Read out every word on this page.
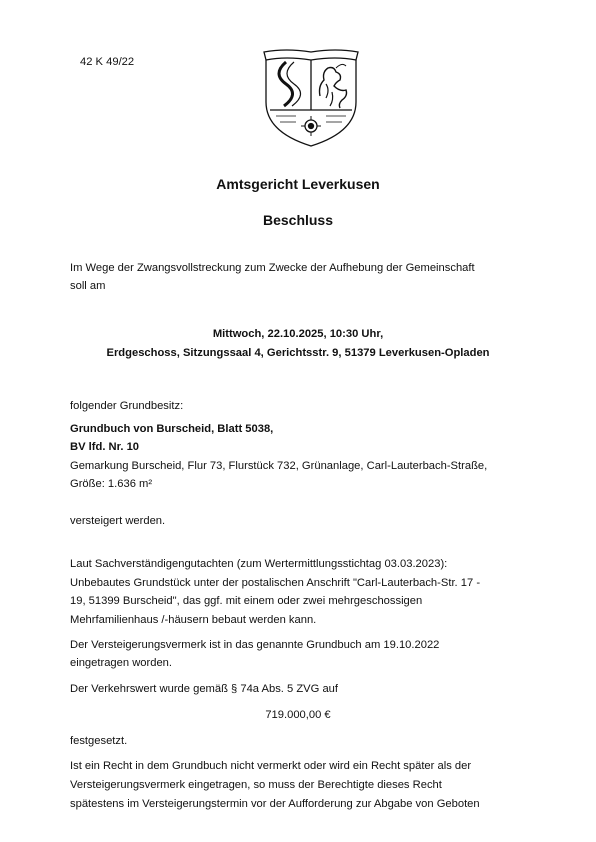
42 K 49/22
Amtsgericht Leverkusen
Beschluss
Im Wege der Zwangsvollstreckung zum Zwecke der Aufhebung der Gemeinschaft
soll am
Mittwoch, 22.10.2025, 10:30 Uhr,
Erdgeschoss, Sitzungssaal 4, Gerichtsstr. 9, 51379 Leverkusen-Opladen
folgender Grundbesitz:
Grundbuch von Burscheid, Blatt 5038,
BV lfd. Nr. 10
Gemarkung Burscheid, Flur 73, Flurstück 732, Grünanlage, Carl-Lauterbach-Straße,
Größe: 1.636 m²
versteigert werden.
Laut Sachverständigengutachten (zum Wertermittlungsstichtag 03.03.2023):
Unbebautes Grundstück unter der postalischen Anschrift "Carl-Lauterbach-Str. 17 -
19, 51399 Burscheid", das ggf. mit einem oder zwei mehrgeschossigen
Mehrfamilienhaus /-häusern bebaut werden kann.
Der Versteigerungsvermerk ist in das genannte Grundbuch am 19.10.2022
eingetragen worden.
Der Verkehrswert wurde gemäß § 74a Abs. 5 ZVG auf
719.000,00 €
festgesetzt.
Ist ein Recht in dem Grundbuch nicht vermerkt oder wird ein Recht später als der
Versteigerungsvermerk eingetragen, so muss der Berechtigte dieses Recht
spätestens im Versteigerungstermin vor der Aufforderung zur Abgabe von Geboten
